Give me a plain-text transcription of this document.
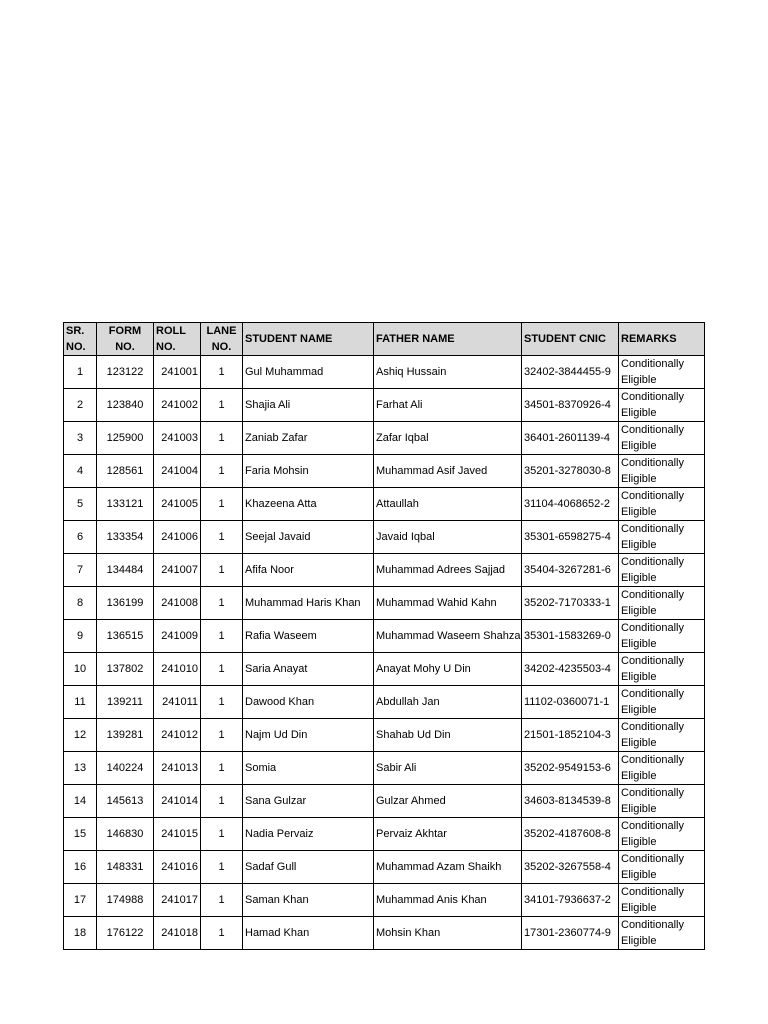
SR. NO.	FORM NO.	ROLL NO.	LANE NO.	STUDENT NAME	FATHER NAME	STUDENT CNIC	REMARKS
1	123122	241001	1	Gul Muhammad	Ashiq Hussain	32402-3844455-9	Conditionally Eligible
2	123840	241002	1	Shajia Ali	Farhat Ali	34501-8370926-4	Conditionally Eligible
3	125900	241003	1	Zaniab Zafar	Zafar Iqbal	36401-2601139-4	Conditionally Eligible
4	128561	241004	1	Faria Mohsin	Muhammad Asif Javed	35201-3278030-8	Conditionally Eligible
5	133121	241005	1	Khazeena Atta	Attaullah	31104-4068652-2	Conditionally Eligible
6	133354	241006	1	Seejal Javaid	Javaid Iqbal	35301-6598275-4	Conditionally Eligible
7	134484	241007	1	Afifa Noor	Muhammad Adrees Sajjad	35404-3267281-6	Conditionally Eligible
8	136199	241008	1	Muhammad Haris Khan	Muhammad Wahid Kahn	35202-7170333-1	Conditionally Eligible
9	136515	241009	1	Rafia Waseem	Muhammad Waseem Shahza	35301-1583269-0	Conditionally Eligible
10	137802	241010	1	Saria Anayat	Anayat Mohy U Din	34202-4235503-4	Conditionally Eligible
11	139211	241011	1	Dawood Khan	Abdullah Jan	11102-0360071-1	Conditionally Eligible
12	139281	241012	1	Najm Ud Din	Shahab Ud Din	21501-1852104-3	Conditionally Eligible
13	140224	241013	1	Somia	Sabir Ali	35202-9549153-6	Conditionally Eligible
14	145613	241014	1	Sana Gulzar	Gulzar Ahmed	34603-8134539-8	Conditionally Eligible
15	146830	241015	1	Nadia Pervaiz	Pervaiz Akhtar	35202-4187608-8	Conditionally Eligible
16	148331	241016	1	Sadaf Gull	Muhammad Azam Shaikh	35202-3267558-4	Conditionally Eligible
17	174988	241017	1	Saman Khan	Muhammad Anis Khan	34101-7936637-2	Conditionally Eligible
18	176122	241018	1	Hamad Khan	Mohsin Khan	17301-2360774-9	Conditionally Eligible
